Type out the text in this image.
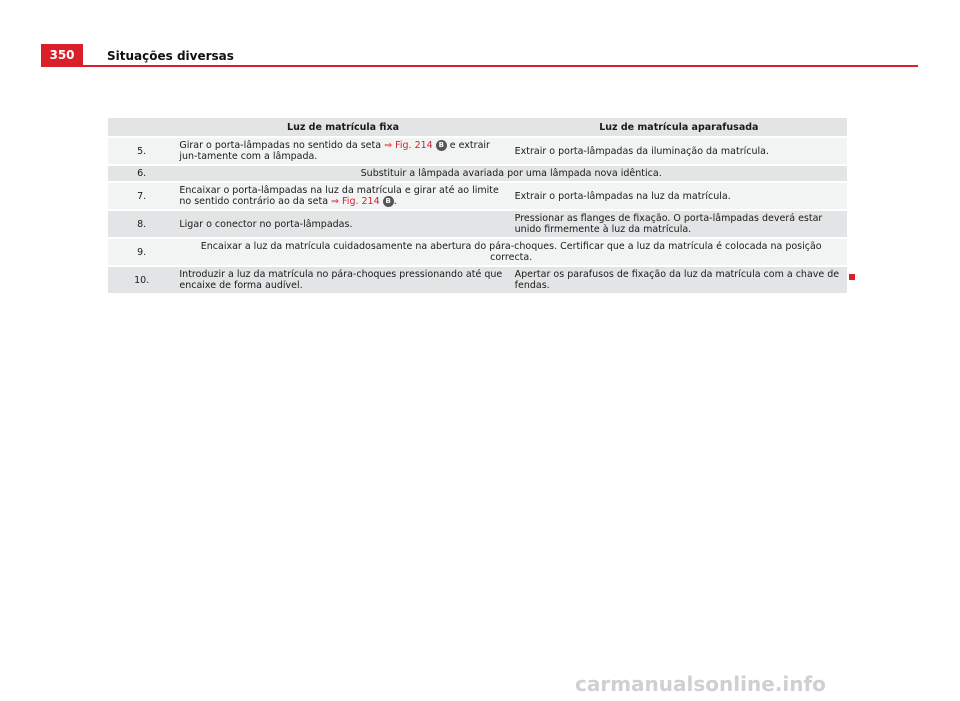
350	Situações diversas
	Luz de matrícula fixa	Luz de matrícula aparafusada
5.	Girar o porta-lâmpadas no sentido da seta ⇒ Fig. 214 B e extrair jun-tamente com a lâmpada.	Extrair o porta-lâmpadas da iluminação da matrícula.
6.	Substituir a lâmpada avariada por uma lâmpada nova idêntica.	
7.	Encaixar o porta-lâmpadas na luz da matrícula e girar até ao limite no sentido contrário ao da seta ⇒ Fig. 214 B .	Extrair o porta-lâmpadas na luz da matrícula.
8.	Ligar o conector no porta-lâmpadas.	Pressionar as flanges de fixação. O porta-lâmpadas deverá estar unido firmemente à luz da matrícula.
9.	Encaixar a luz da matrícula cuidadosamente na abertura do pára-choques. Certificar que a luz da matrícula é colocada na posição correcta.	
10.	Introduzir a luz da matrícula no pára-choques pressionando até que encaixe de forma audível.	Apertar os parafusos de fixação da luz da matrícula com a chave de fendas.
carmanualsonline.info
